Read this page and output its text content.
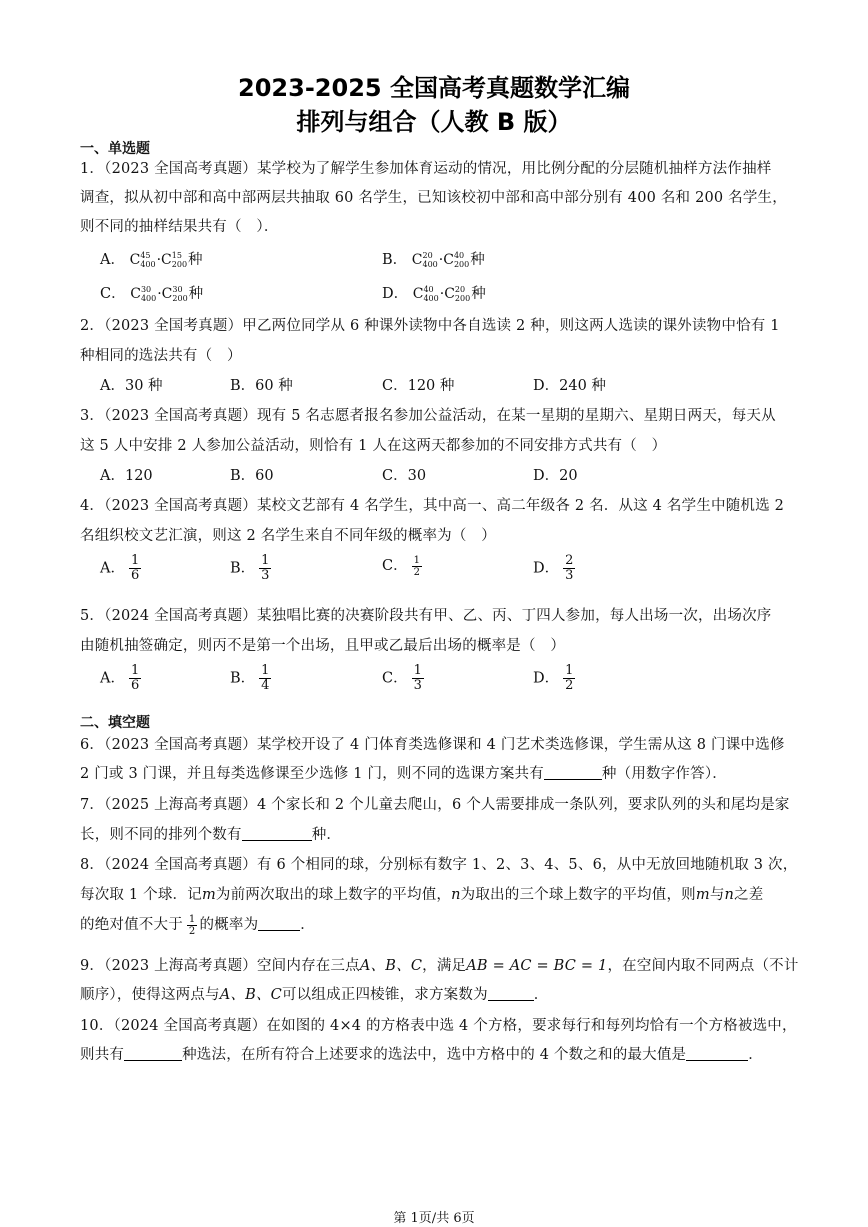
2023-2025 全国高考真题数学汇编
排列与组合（人教 B 版）
一、单选题
1．（2023 全国高考真题）某学校为了解学生参加体育运动的情况，用比例分配的分层随机抽样方法作抽样
调查，拟从初中部和高中部两层共抽取 60 名学生，已知该校初中部和高中部分别有 400 名和 200 名学生，
则不同的抽样结果共有（　）．
A． C 45
400 ·C 15
200 种	B． C 20
400 ·C 40
200 种
C． C 30
400 ·C 30
200 种	D． C 40
400 ·C 20
200 种
2．（2023 全国考真题）甲乙两位同学从 6 种课外读物中各自选读 2 种，则这两人选读的课外读物中恰有 1
种相同的选法共有（　）
A．30 种	B．60 种	C．120 种	D．240 种
3．（2023 全国高考真题）现有 5 名志愿者报名参加公益活动，在某一星期的星期六、星期日两天，每天从
这 5 人中安排 2 人参加公益活动，则恰有 1 人在这两天都参加的不同安排方式共有（　）
A．120	B．60	C．30	D．20
4．（2023 全国高考真题）某校文艺部有 4 名学生，其中高一、高二年级各 2 名．从这 4 名学生中随机选 2
名组织校文艺汇演，则这 2 名学生来自不同年级的概率为（　）
A． $\frac{1}{6}$	B． $\frac{1}{3}$	C． $\frac{1}{2}$	D． $\frac{2}{3}$
5．（2024 全国高考真题）某独唱比赛的决赛阶段共有甲、乙、丙、丁四人参加，每人出场一次，出场次序
由随机抽签确定，则丙不是第一个出场，且甲或乙最后出场的概率是（　）
A． $\frac{1}{6}$	B． $\frac{1}{4}$	C． $\frac{1}{3}$	D． $\frac{1}{2}$
二、填空题
6．（2023 全国高考真题）某学校开设了 4 门体育类选修课和 4 门艺术类选修课，学生需从这 8 门课中选修
2 门或 3 门课，并且每类选修课至少选修 1 门，则不同的选课方案共有	种（用数字作答）．
7．（2025 上海高考真题）4 个家长和 2 个儿童去爬山，6 个人需要排成一条队列，要求队列的头和尾均是家
长，则不同的排列个数有	种．
8．（2024 全国高考真题）有 6 个相同的球，分别标有数字 1、2、3、4、5、6，从中无放回地随机取 3 次，
每次取 1 个球．记m为前两次取出的球上数字的平均值，n为取出的三个球上数字的平均值，则m与n之差
的绝对值不大于 $\frac{1}{2}$ 的概率为	．
9．（2023 上海高考真题）空间内存在三点A、B、C，满足AB = AC = BC = 1，在空间内取不同两点（不计
顺序），使得这两点与A、B、C可以组成正四棱锥，求方案数为	．
10．（2024 全国高考真题）在如图的 4×4 的方格表中选 4 个方格，要求每行和每列均恰有一个方格被选中，
则共有	种选法，在所有符合上述要求的选法中，选中方格中的 4 个数之和的最大值是	．
第 1页/共 6页
